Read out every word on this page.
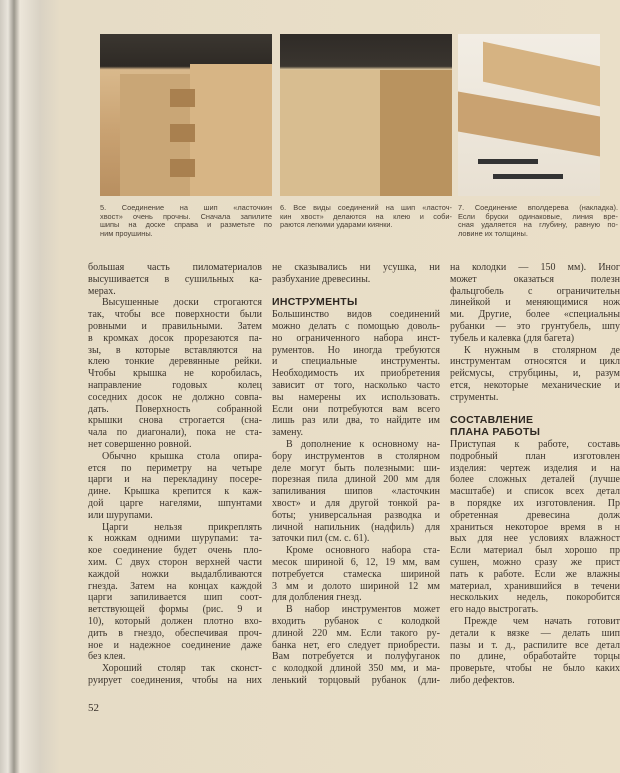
5. Соединение на шип «ласточкин
хвост» очень прочны. Сначала запилите
шипы на доске справа и разметьте по
ним проушины.
6. Все виды соединений на шип «ласточ-
кин хвост» делаются на клею и соби-
раются легкими ударами киянки.
7. Соединение вполдерева (накладка).
Если бруски одинаковые, линия вре-
сная удаляется на глубину, равную по-
ловине их толщины.
большая часть пиломатериалов
высушивается в сушильных ка-
мерах.
Высушенные доски строгаются
так, чтобы все поверхности были
ровными и правильными. Затем
в кромках досок прорезаются па-
зы, в которые вставляются на
клею тонкие деревянные рейки.
Чтобы крышка не коробилась,
направление годовых колец
соседних досок не должно совпа-
дать. Поверхность собранной
крышки снова строгается (сна-
чала по диагонали), пока не ста-
нет совершенно ровной.
Обычно крышка стола опира-
ется по периметру на четыре
царги и на перекладину посере-
дине. Крышка крепится к каж-
дой царге нагелями, шпунтами
или шурупами.
Царги нельзя прикреплять
к ножкам одними шурупами: та-
кое соединение будет очень пло-
хим. С двух сторон верхней части
каждой ножки выдалбливаются
гнезда. Затем на концах каждой
царги запиливается шип соот-
ветствующей формы (рис. 9 и
10), который должен плотно вхо-
дить в гнездо, обеспечивая проч-
ное и надежное соединение даже
без клея.
Хороший столяр так сконст-
руирует соединения, чтобы на них
не сказывались ни усушка, ни
разбухание древесины.
ИНСТРУМЕНТЫ
Большинство видов соединений
можно делать с помощью доволь-
но ограниченного набора инст-
рументов. Но иногда требуются
и специальные инструменты.
Необходимость их приобретения
зависит от того, насколько часто
вы намерены их использовать.
Если они потребуются вам всего
лишь раз или два, то найдите им
замену.
В дополнение к основному на-
бору инструментов в столярном
деле могут быть полезными: ши-
порезная пила длиной 200 мм для
запиливания шипов «ласточкин
хвост» и для другой тонкой ра-
боты; универсальная разводка и
личной напильник (надфиль) для
заточки пил (см. с. 61).
Кроме основного набора ста-
месок шириной 6, 12, 19 мм, вам
потребуется стамеска шириной
3 мм и долото шириной 12 мм
для долбления гнезд.
В набор инструментов может
входить рубанок с колодкой
длиной 220 мм. Если такого ру-
банка нет, его следует приобрести.
Вам потребуется и полуфуганок
с колодкой длиной 350 мм, и ма-
ленький торцовый рубанок (дли-
на колодки — 150 мм). Иног
может оказаться полезн
фальцгобель с ограничительн
линейкой и меняющимися нож
ми. Другие, более «специальны
рубанки — это грунтубель, шпу
тубель и калевка (для багета)
К нужным в столярном де
инструментам относятся и цикл
рейсмусы, струбцины, и, разум
ется, некоторые механические и
струменты.
СОСТАВЛЕНИЕ
ПЛАНА РАБОТЫ
Приступая к работе, составь
подробный план изготовлен
изделия: чертеж изделия и на
более сложных деталей (лучше
масштабе) и список всех детал
в порядке их изготовления. Пр
обретенная древесина долж
храниться некоторое время в н
вых для нее условиях влажност
Если материал был хорошо пр
сушен, можно сразу же прист
пать к работе. Если же влажны
материал, хранившийся в течени
нескольких недель, покоробится
его надо выстрогать.
Прежде чем начать готовит
детали к вязке — делать шип
пазы и т. д., распилите все детал
по длине, обработайте торцы
проверьте, чтобы не было каких
либо дефектов.
52
